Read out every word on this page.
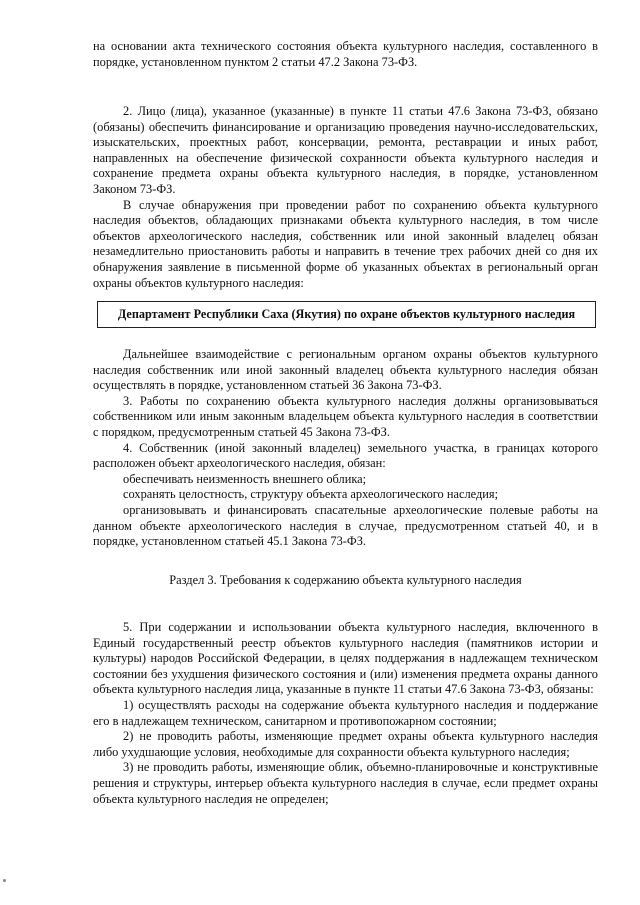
на основании акта технического состояния объекта культурного наследия, составленного в порядке, установленном пунктом 2 статьи 47.2 Закона 73-ФЗ.

2. Лицо (лица), указанное (указанные) в пункте 11 статьи 47.6 Закона 73-ФЗ, обязано (обязаны) обеспечить финансирование и организацию проведения научно-исследовательских, изыскательских, проектных работ, консервации, ремонта, реставрации и иных работ, направленных на обеспечение физической сохранности объекта культурного наследия и сохранение предмета охраны объекта культурного наследия, в порядке, установленном Законом 73-ФЗ.

В случае обнаружения при проведении работ по сохранению объекта культурного наследия объектов, обладающих признаками объекта культурного наследия, в том числе объектов археологического наследия, собственник или иной законный владелец обязан незамедлительно приостановить работы и направить в течение трех рабочих дней со дня их обнаружения заявление в письменной форме об указанных объектах в региональный орган охраны объектов культурного наследия:

Департамент Республики Саха (Якутия) по охране объектов культурного наследия

Дальнейшее взаимодействие с региональным органом охраны объектов культурного наследия собственник или иной законный владелец объекта культурного наследия обязан осуществлять в порядке, установленном статьей 36 Закона 73-ФЗ.

3. Работы по сохранению объекта культурного наследия должны организовываться собственником или иным законным владельцем объекта культурного наследия в соответствии с порядком, предусмотренным статьей 45 Закона 73-ФЗ.

4. Собственник (иной законный владелец) земельного участка, в границах которого расположен объект археологического наследия, обязан:

обеспечивать неизменность внешнего облика;

сохранять целостность, структуру объекта археологического наследия;

организовывать и финансировать спасательные археологические полевые работы на данном объекте археологического наследия в случае, предусмотренном статьей 40, и в порядке, установленном статьей 45.1 Закона 73-ФЗ.

Раздел 3. Требования к содержанию объекта культурного наследия

5. При содержании и использовании объекта культурного наследия, включенного в Единый государственный реестр объектов культурного наследия (памятников истории и культуры) народов Российской Федерации, в целях поддержания в надлежащем техническом состоянии без ухудшения физического состояния и (или) изменения предмета охраны данного объекта культурного наследия лица, указанные в пункте 11 статьи 47.6 Закона 73-ФЗ, обязаны:

1) осуществлять расходы на содержание объекта культурного наследия и поддержание его в надлежащем техническом, санитарном и противопожарном состоянии;

2) не проводить работы, изменяющие предмет охраны объекта культурного наследия либо ухудшающие условия, необходимые для сохранности объекта культурного наследия;

3) не проводить работы, изменяющие облик, объемно-планировочные и конструктивные решения и структуры, интерьер объекта культурного наследия в случае, если предмет охраны объекта культурного наследия не определен;
